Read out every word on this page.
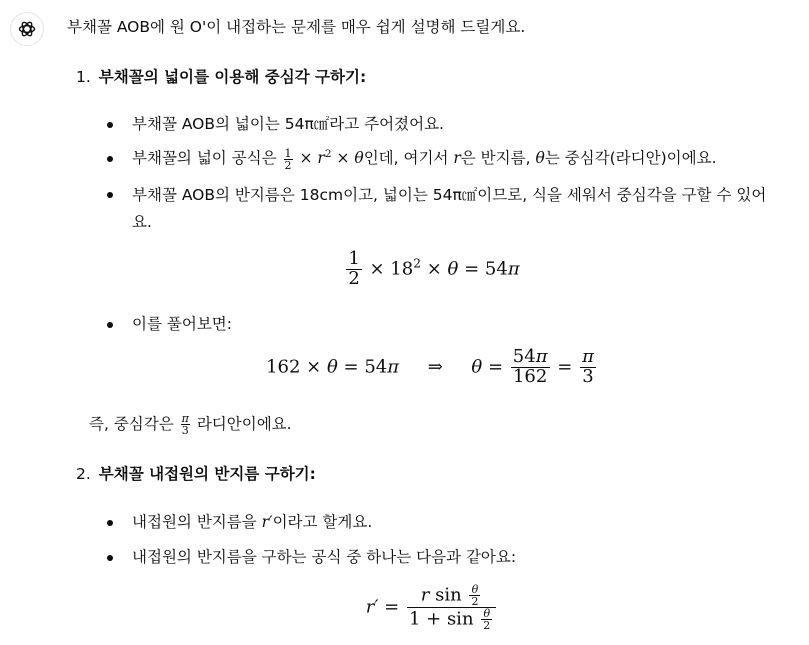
부채꼴 AOB에 원 O'이 내접하는 문제를 매우 쉽게 설명해 드릴게요.
1. 부채꼴의 넓이를 이용해 중심각 구하기:
부채꼴 AOB의 넓이는 54π㎠라고 주어졌어요.
부채꼴의 넓이 공식은 $\frac{1}{2} \times r^2 \times \theta$인데, 여기서 r은 반지름, θ는 중심각(라디안)이에요.
부채꼴 AOB의 반지름은 18cm이고, 넓이는 54π㎠이므로, 식을 세워서 중심각을 구할 수 있어요.
$\frac{1}{2} \times 18^2 \times \theta = 54\pi$
이를 풀어보면:
162 × θ = 54π     ⇒     $\theta = \frac{54\pi}{162} = \frac{\pi}{3}$
즉, 중심각은 $\frac{\pi}{3}$ 라디안이에요.
2. 부채꼴 내접원의 반지름 구하기:
내접원의 반지름을 r′이라고 할게요.
내접원의 반지름을 구하는 공식 중 하나는 다음과 같아요:
$r' = \frac{r \sin \frac{\theta}{2}}{1 + \sin \frac{\theta}{2}}$
